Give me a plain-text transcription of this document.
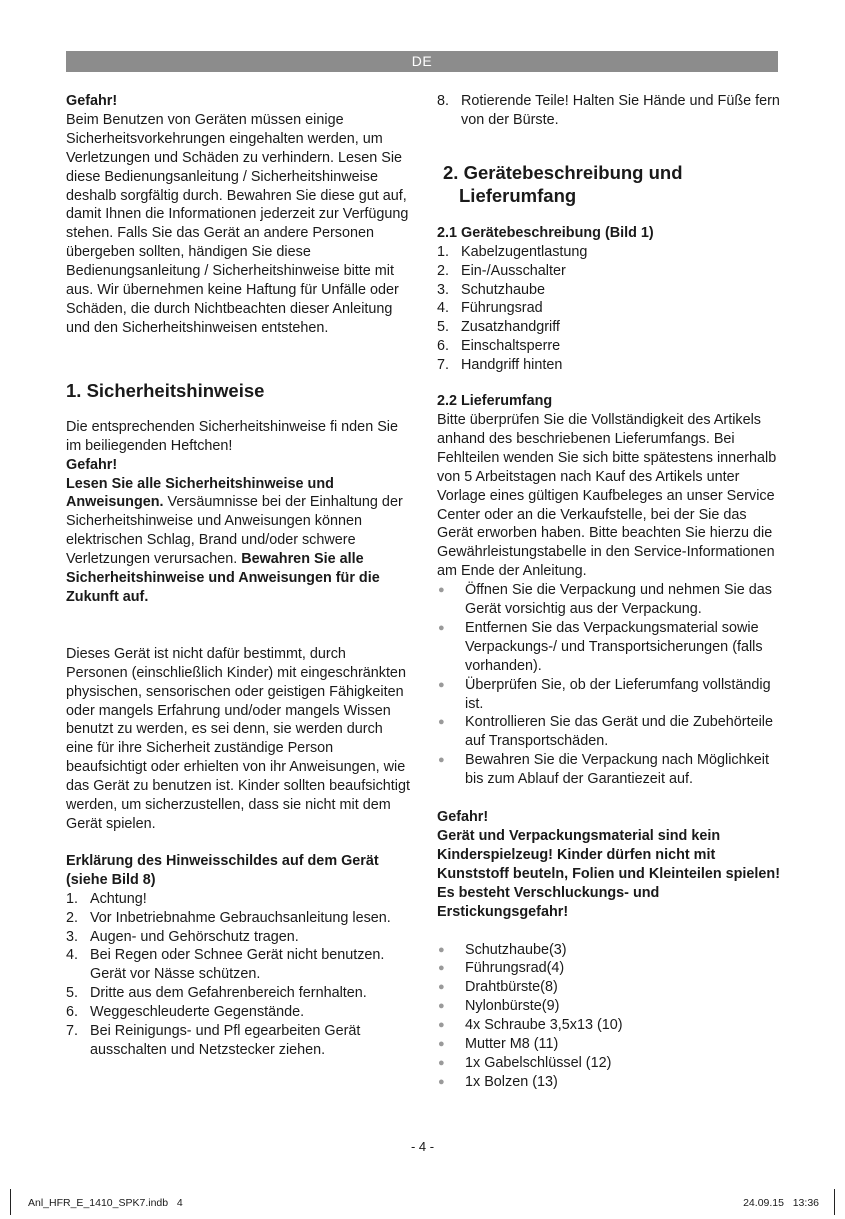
DE

Gefahr!

Beim Benutzen von Geräten müssen einige Sicherheitsvorkehrungen eingehalten werden, um Verletzungen und Schäden zu verhindern. Lesen Sie diese Bedienungsanleitung / Sicherheitshinweise deshalb sorgfältig durch. Bewahren Sie diese gut auf, damit Ihnen die Informationen jederzeit zur Verfügung stehen. Falls Sie das Gerät an andere Personen übergeben sollten, händigen Sie diese Bedienungsanleitung / Sicherheitshinweise bitte mit aus. Wir übernehmen keine Haftung für Unfälle oder Schäden, die durch Nichtbeachten dieser Anleitung und den Sicherheitshinweisen entstehen.

1. Sicherheitshinweise

Die entsprechenden Sicherheitshinweise fi nden Sie im beiliegenden Heftchen!

Gefahr!

Lesen Sie alle Sicherheitshinweise und Anweisungen. Versäumnisse bei der Einhaltung der Sicherheitshinweise und Anweisungen können elektrischen Schlag, Brand und/oder schwere Verletzungen verursachen. Bewahren Sie alle Sicherheitshinweise und Anweisungen für die Zukunft auf.

Dieses Gerät ist nicht dafür bestimmt, durch Personen (einschließlich Kinder) mit eingeschränkten physischen, sensorischen oder geistigen Fähigkeiten oder mangels Erfahrung und/oder mangels Wissen benutzt zu werden, es sei denn, sie werden durch eine für ihre Sicherheit zuständige Person beaufsichtigt oder erhielten von ihr Anweisungen, wie das Gerät zu benutzen ist. Kinder sollten beaufsichtigt werden, um sicherzustellen, dass sie nicht mit dem Gerät spielen.

Erklärung des Hinweisschildes auf dem Gerät (siehe Bild 8)

1. Achtung!
2. Vor Inbetriebnahme Gebrauchsanleitung lesen.
3. Augen- und Gehörschutz tragen.
4. Bei Regen oder Schnee Gerät nicht benutzen. Gerät vor Nässe schützen.
5. Dritte aus dem Gefahrenbereich fernhalten.
6. Weggeschleuderte Gegenstände.
7. Bei Reinigungs- und Pfl egearbeiten Gerät ausschalten und Netzstecker ziehen.
8. Rotierende Teile! Halten Sie Hände und Füße fern von der Bürste.
2. Gerätebeschreibung und
Lieferumfang

2.1 Gerätebeschreibung (Bild 1)

1. Kabelzugentlastung
2. Ein-/Ausschalter
3. Schutzhaube
4. Führungsrad
5. Zusatzhandgriff
6. Einschaltsperre
7. Handgriff hinten

2.2 Lieferumfang

Bitte überprüfen Sie die Vollständigkeit des Artikels anhand des beschriebenen Lieferumfangs. Bei Fehlteilen wenden Sie sich bitte spätestens innerhalb von 5 Arbeitstagen nach Kauf des Artikels unter Vorlage eines gültigen Kaufbeleges an unser Service Center oder an die Verkaufstelle, bei der Sie das Gerät erworben haben. Bitte beachten Sie hierzu die Gewährleistungstabelle in den Service-Informationen am Ende der Anleitung.

●	Öffnen Sie die Verpackung und nehmen Sie das Gerät vorsichtig aus der Verpackung.
●	Entfernen Sie das Verpackungsmaterial sowie Verpackungs-/ und Transportsicherungen (falls vorhanden).
●	Überprüfen Sie, ob der Lieferumfang vollständig ist.
●	Kontrollieren Sie das Gerät und die Zubehörteile auf Transportschäden.
●	Bewahren Sie die Verpackung nach Möglichkeit bis zum Ablauf der Garantiezeit auf.

Gefahr!

Gerät und Verpackungsmaterial sind kein Kinderspielzeug! Kinder dürfen nicht mit Kunststoff beuteln, Folien und Kleinteilen spielen! Es besteht Verschluckungs- und Erstickungsgefahr!

●	Schutzhaube(3)
●	Führungsrad(4)
●	Drahtbürste(8)
●	Nylonbürste(9)
●	4x Schraube 3,5x13 (10)
●	Mutter M8 (11)
●	1x Gabelschlüssel (12)
●	1x Bolzen (13)
- 4 -
Anl_HFR_E_1410_SPK7.indb   4	24.09.15   13:36
